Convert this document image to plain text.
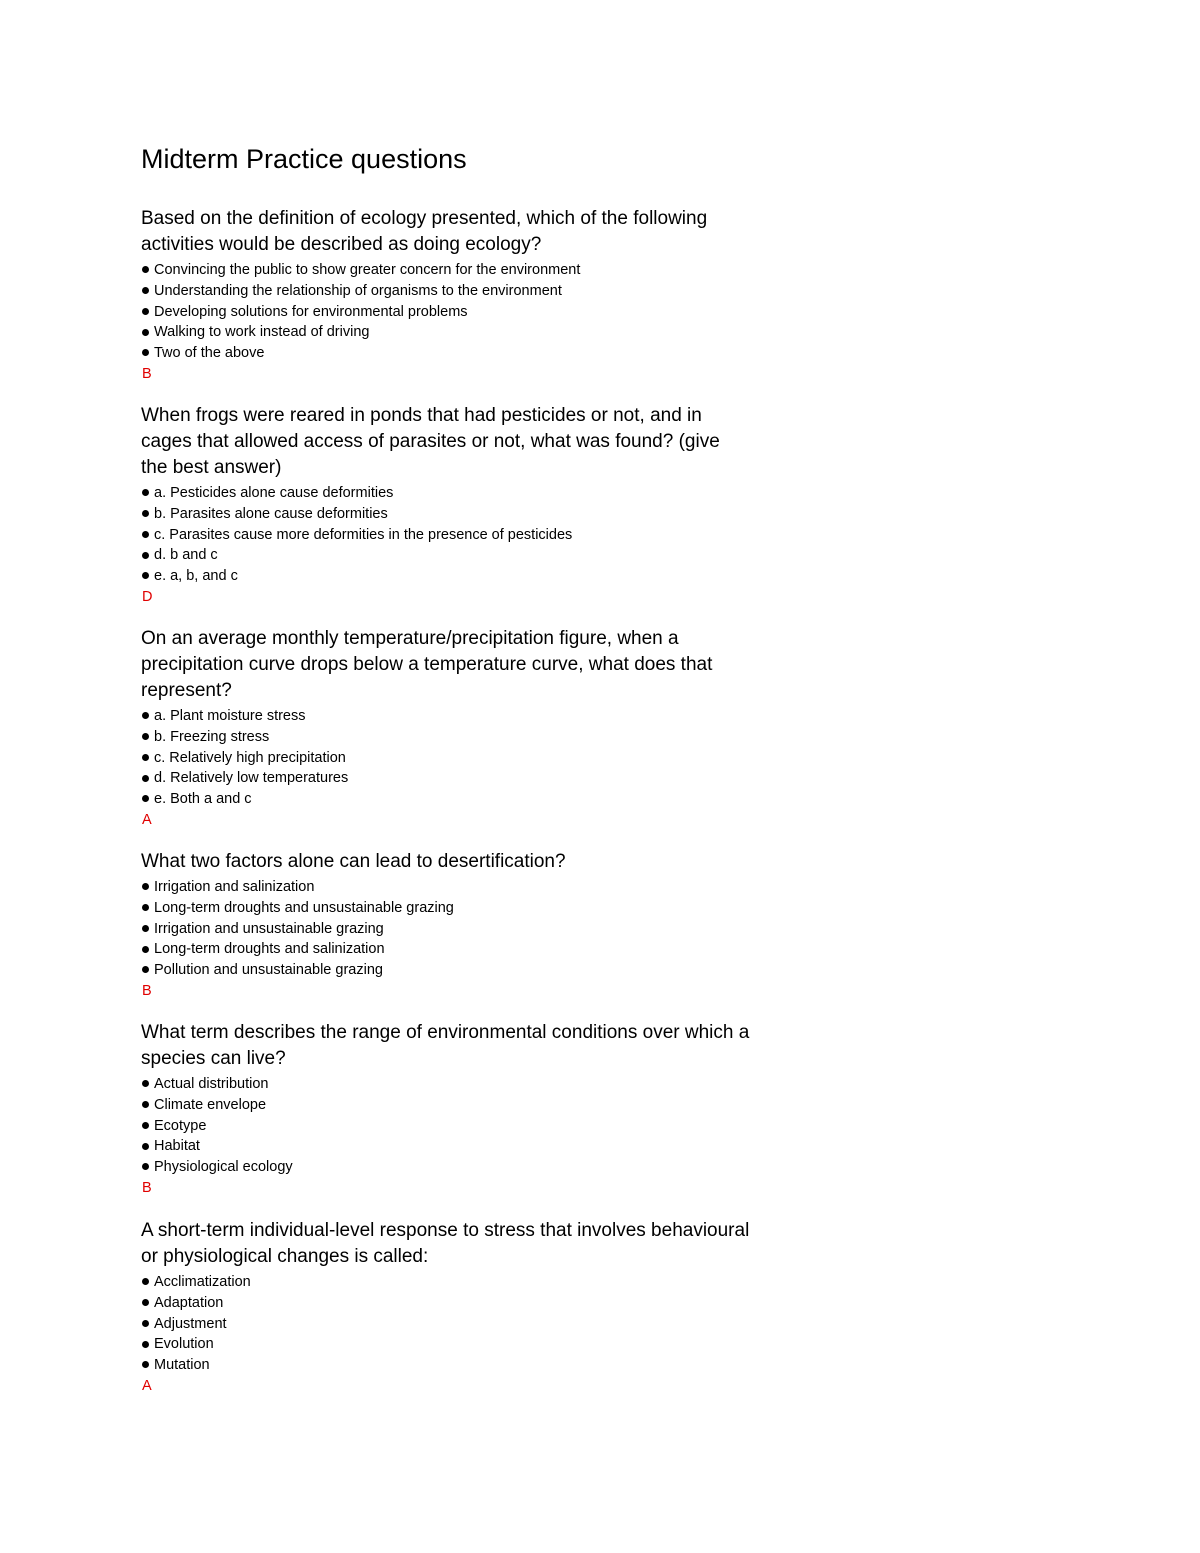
Midterm Practice questions

Based on the definition of ecology presented, which of the following activities would be described as doing ecology?

Convincing the public to show greater concern for the environment
Understanding the relationship of organisms to the environment
Developing solutions for environmental problems
Walking to work instead of driving
Two of the above
B

When frogs were reared in ponds that had pesticides or not, and in cages that allowed access of parasites or not, what was found? (give the best answer)

a. Pesticides alone cause deformities
b. Parasites alone cause deformities
c. Parasites cause more deformities in the presence of pesticides
d. b and c
e. a, b, and c
D

On an average monthly temperature/precipitation figure, when a precipitation curve drops below a temperature curve, what does that represent?

a. Plant moisture stress
b. Freezing stress
c. Relatively high precipitation
d. Relatively low temperatures
e. Both a and c
A

What two factors alone can lead to desertification?

Irrigation and salinization
Long-term droughts and unsustainable grazing
Irrigation and unsustainable grazing
Long-term droughts and salinization
Pollution and unsustainable grazing
B

What term describes the range of environmental conditions over which a species can live?

Actual distribution
Climate envelope
Ecotype
Habitat
Physiological ecology
B

A short-term individual-level response to stress that involves behavioural or physiological changes is called:

Acclimatization
Adaptation
Adjustment
Evolution
Mutation
A
